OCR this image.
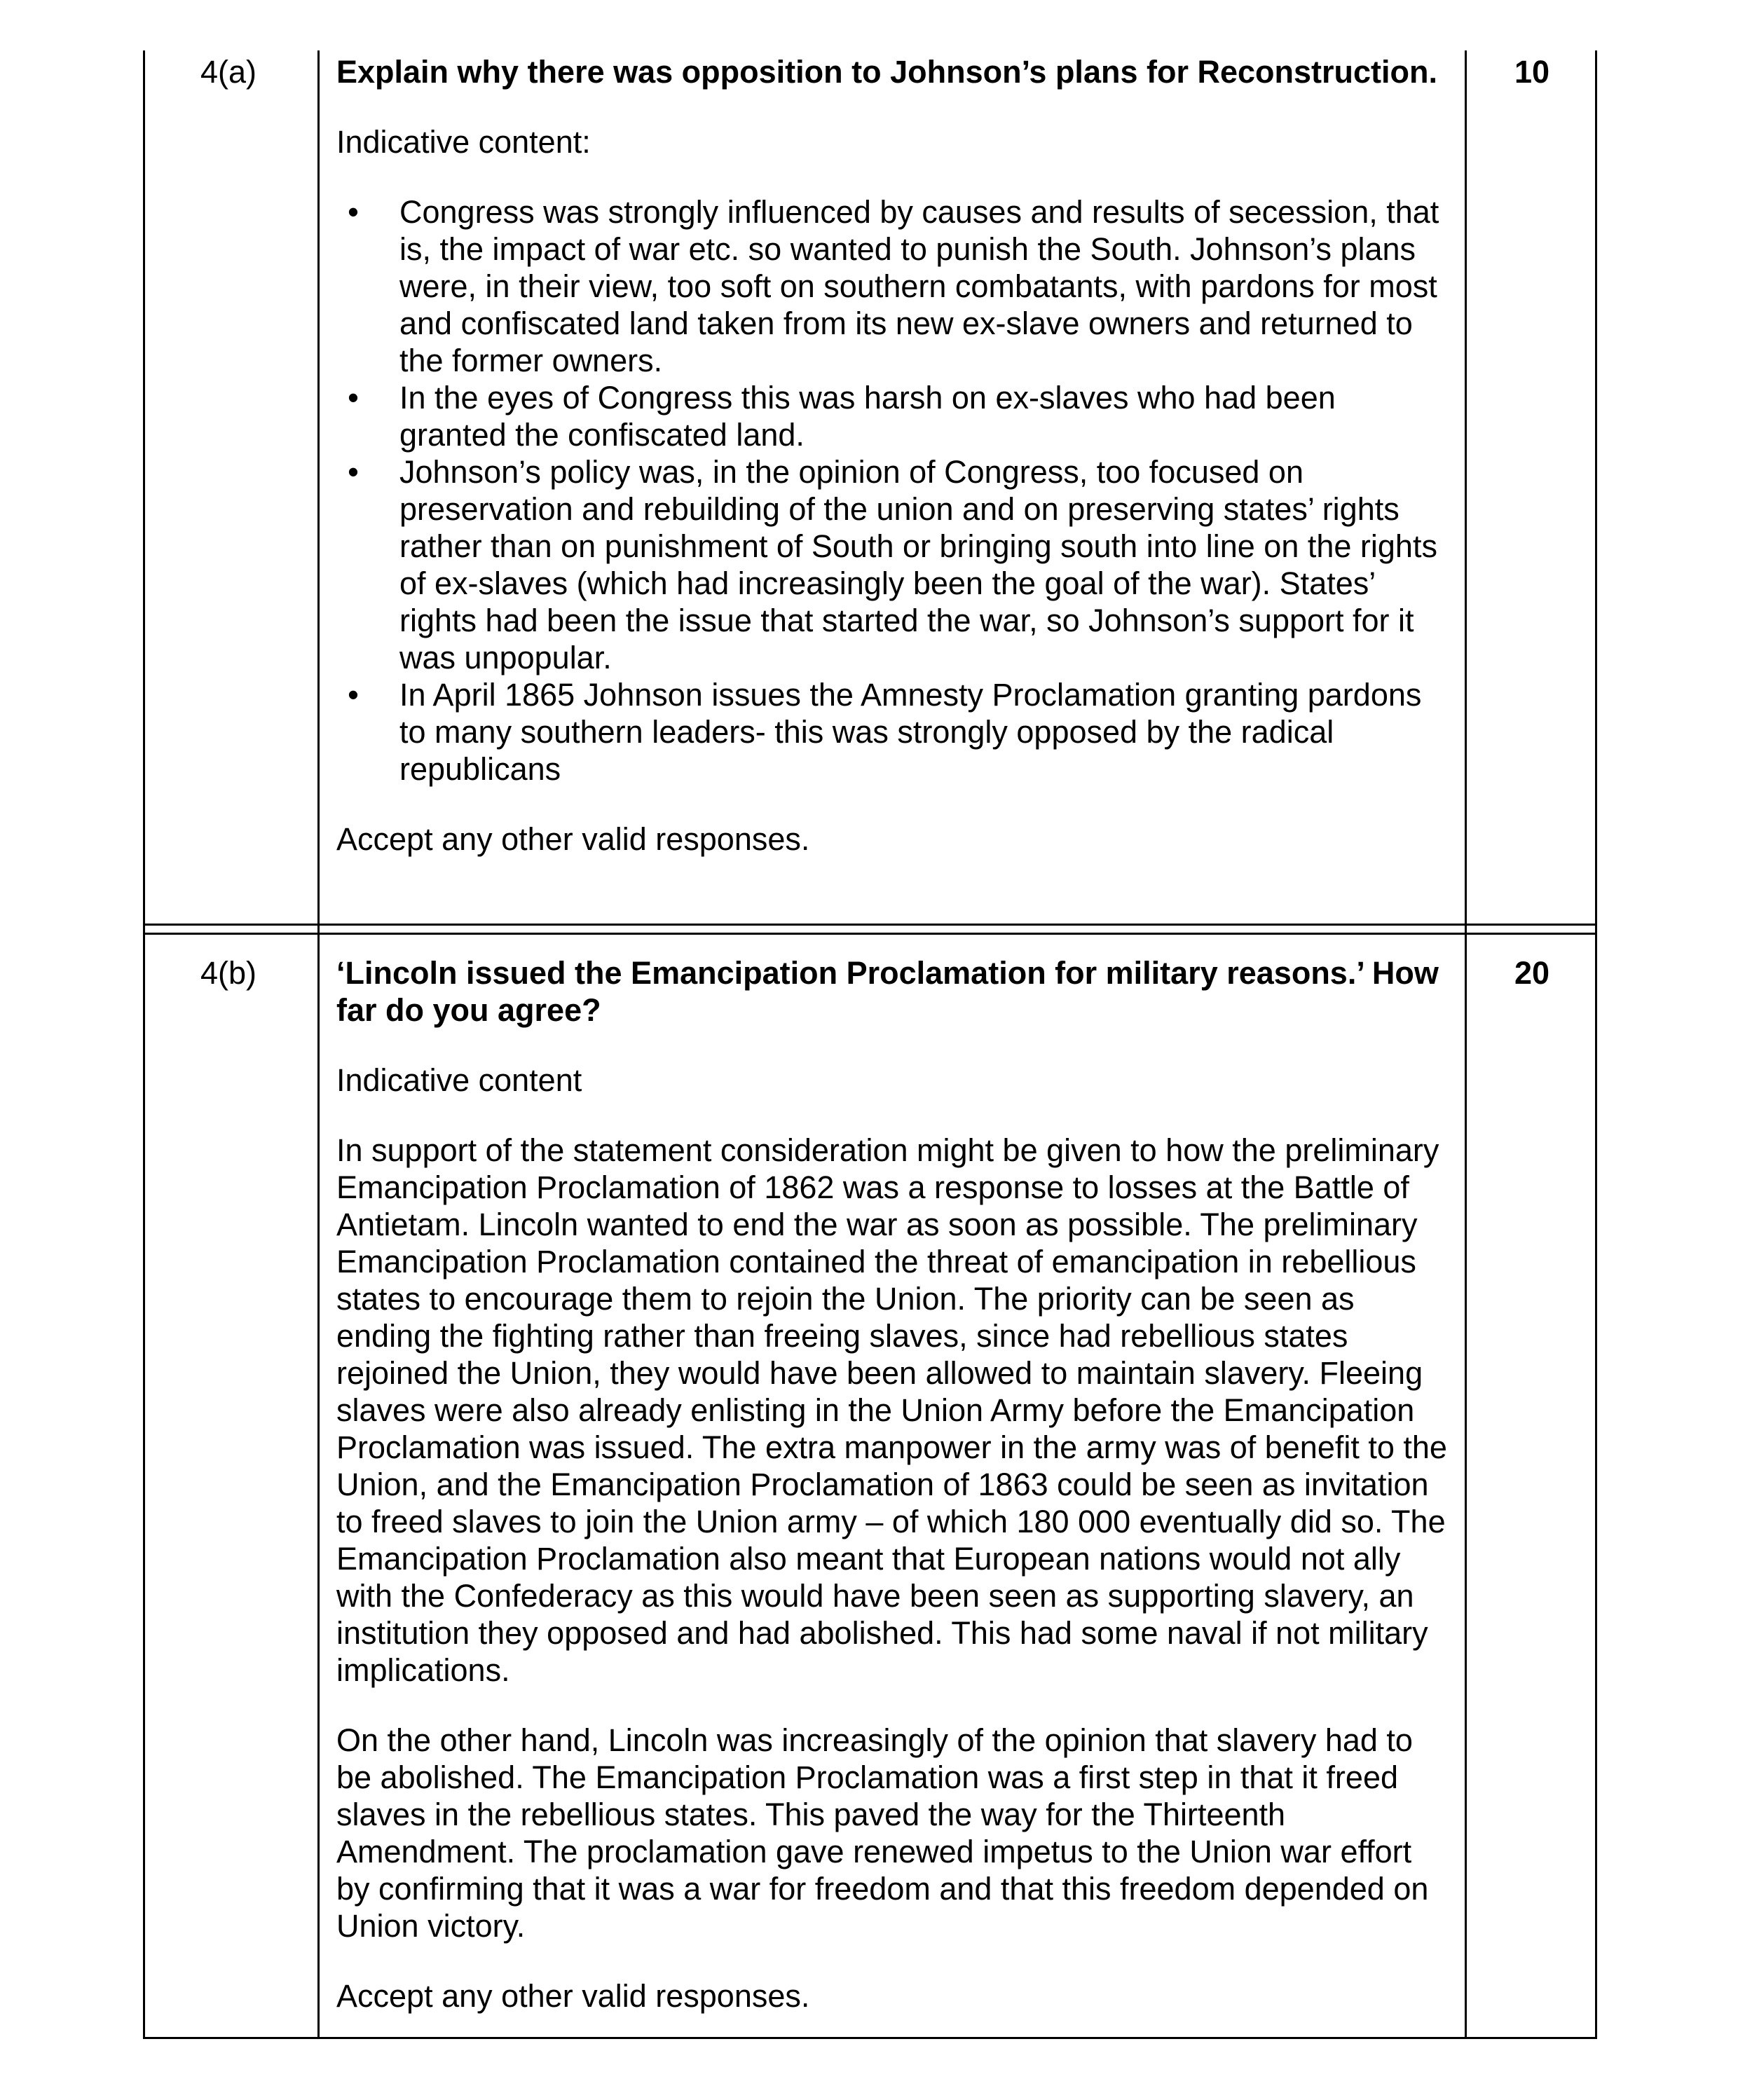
4(a)	10

Explain why there was opposition to Johnson’s plans for Reconstruction.

Indicative content:

• Congress was strongly influenced by causes and results of secession, that is, the impact of war etc. so wanted to punish the South. Johnson’s plans were, in their view, too soft on southern combatants, with pardons for most and confiscated land taken from its new ex-slave owners and returned to the former owners.
• In the eyes of Congress this was harsh on ex-slaves who had been granted the confiscated land.
• Johnson’s policy was, in the opinion of Congress, too focused on preservation and rebuilding of the union and on preserving states’ rights rather than on punishment of South or bringing south into line on the rights of ex-slaves (which had increasingly been the goal of the war). States’ rights had been the issue that started the war, so Johnson’s support for it was unpopular.
• In April 1865 Johnson issues the Amnesty Proclamation granting pardons to many southern leaders- this was strongly opposed by the radical republicans

Accept any other valid responses.

4(b)	20

‘Lincoln issued the Emancipation Proclamation for military reasons.’ How far do you agree?

Indicative content

In support of the statement consideration might be given to how the preliminary Emancipation Proclamation of 1862 was a response to losses at the Battle of Antietam. Lincoln wanted to end the war as soon as possible. The preliminary Emancipation Proclamation contained the threat of emancipation in rebellious states to encourage them to rejoin the Union. The priority can be seen as ending the fighting rather than freeing slaves, since had rebellious states rejoined the Union, they would have been allowed to maintain slavery. Fleeing slaves were also already enlisting in the Union Army before the Emancipation Proclamation was issued. The extra manpower in the army was of benefit to the Union, and the Emancipation Proclamation of 1863 could be seen as invitation to freed slaves to join the Union army – of which 180 000 eventually did so. The Emancipation Proclamation also meant that European nations would not ally with the Confederacy as this would have been seen as supporting slavery, an institution they opposed and had abolished. This had some naval if not military implications.

On the other hand, Lincoln was increasingly of the opinion that slavery had to be abolished. The Emancipation Proclamation was a first step in that it freed slaves in the rebellious states. This paved the way for the Thirteenth Amendment. The proclamation gave renewed impetus to the Union war effort by confirming that it was a war for freedom and that this freedom depended on Union victory.

Accept any other valid responses.
